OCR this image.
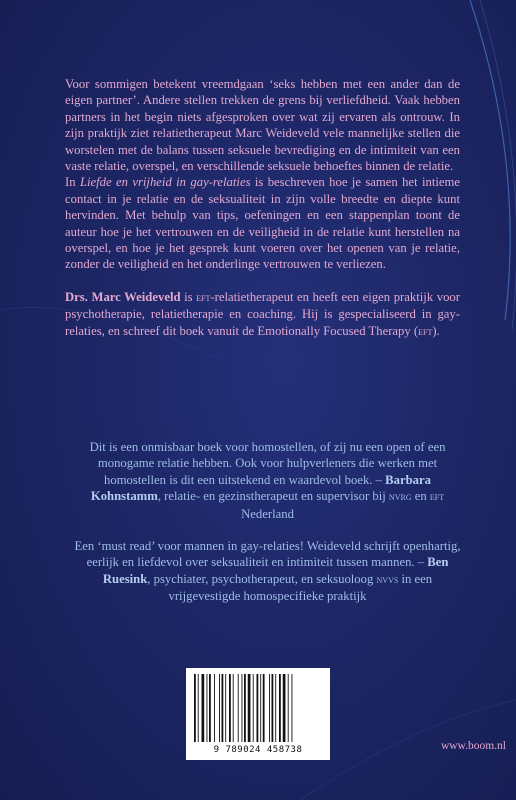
Voor sommigen betekent vreemdgaan ‘seks hebben met een ander dan de eigen partner’. Andere stellen trekken de grens bij verliefdheid. Vaak hebben partners in het begin niets afgesproken over wat zij ervaren als ontrouw. In zijn praktijk ziet relatietherapeut Marc Weideveld vele mannelijke stellen die worstelen met de balans tussen seksuele bevrediging en de intimiteit van een vaste relatie, overspel, en verschillende seksuele behoeftes binnen de relatie.

In Liefde en vrijheid in gay-relaties is beschreven hoe je samen het intieme contact in je relatie en de seksualiteit in zijn volle breedte en diepte kunt hervinden. Met behulp van tips, oefeningen en een stappenplan toont de auteur hoe je het vertrouwen en de veiligheid in de relatie kunt herstellen na overspel, en hoe je het gesprek kunt voeren over het openen van je relatie, zonder de veiligheid en het onderlinge vertrouwen te verliezen.

Drs. Marc Weideveld is eft-relatietherapeut en heeft een eigen praktijk voor psychotherapie, relatietherapie en coaching. Hij is gespecialiseerd in gay-relaties, en schreef dit boek vanuit de Emotionally Focused Therapy (eft).

Dit is een onmisbaar boek voor homostellen, of zij nu een open of een monogame relatie hebben. Ook voor hulpverleners die werken met homostellen is dit een uitstekend en waardevol boek. – Barbara Kohnstamm, relatie- en gezinstherapeut en supervisor bij nvrg en eft Nederland

Een ‘must read’ voor mannen in gay-relaties! Weideveld schrijft openhartig, eerlijk en liefdevol over seksualiteit en intimiteit tussen mannen. – Ben Ruesink, psychiater, psychotherapeut, en seksuoloog nvvs in een vrijgevestigde homospecifieke praktijk

9 789024 458738	www.boom.nl
